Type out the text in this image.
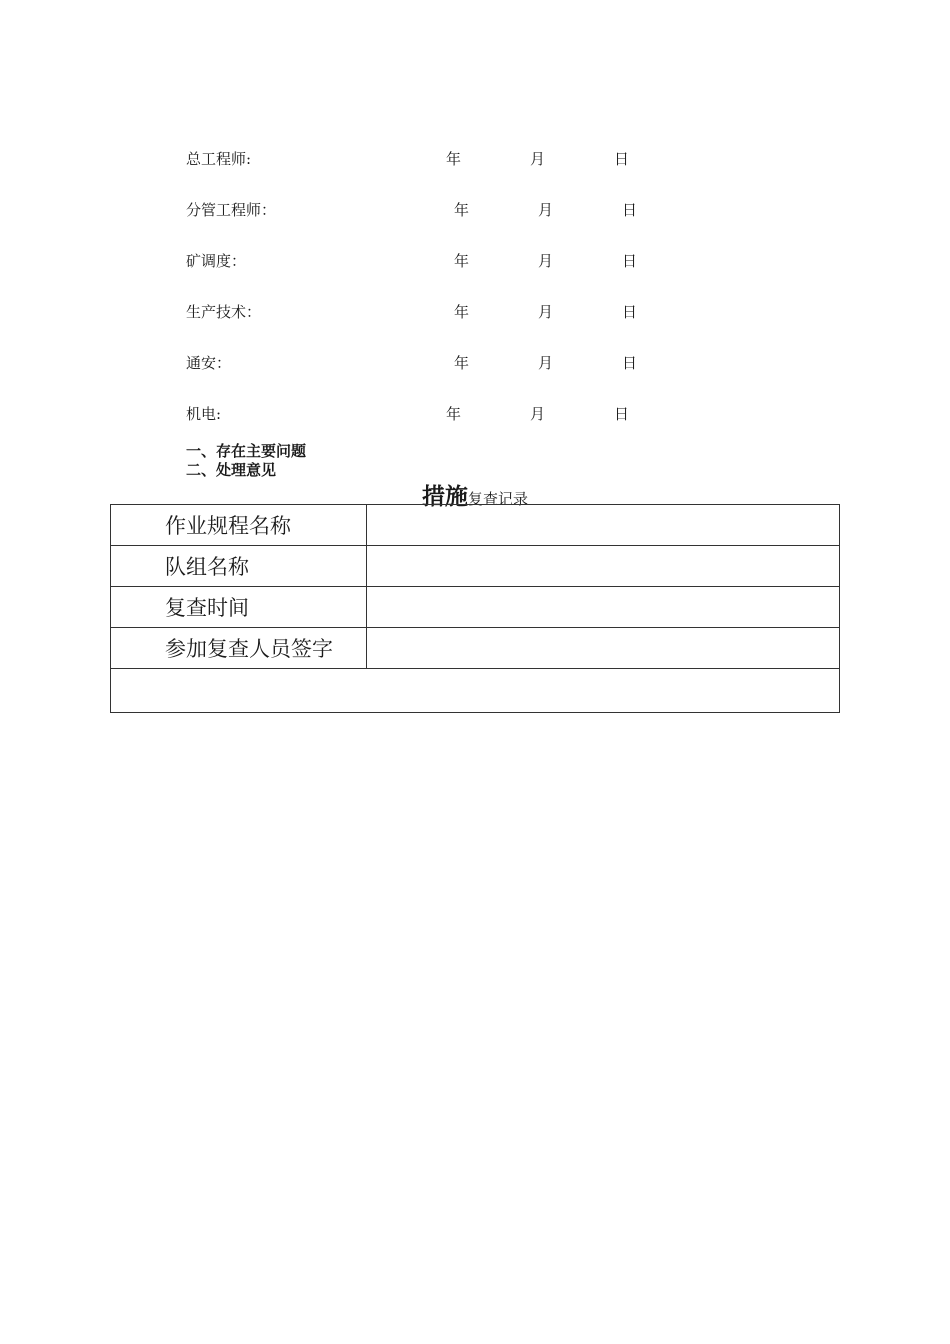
总工程师:	年	月	日
分管工程师：	年	月	日
矿调度：	年	月	日
生产技术：	年	月	日
通安：	年	月	日
机电:	年	月	日
一、存在主要问题
二、处理意见
措施复查记录
作业规程名称	
队组名称	
复查时间	
参加复查人员签字	
